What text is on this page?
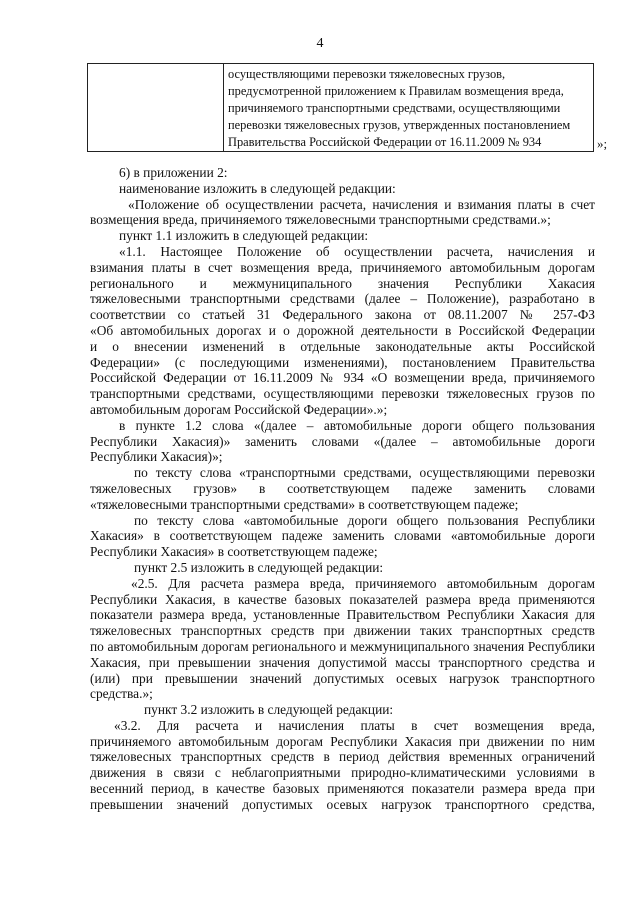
4
осуществляющими перевозки тяжеловесных грузов,
предусмотренной приложением к Правилам возмещения вреда,
причиняемого транспортными средствами, осуществляющими
перевозки тяжеловесных грузов, утвержденных постановлением
Правительства Российской Федерации от 16.11.2009 № 934	»;
6) в приложении 2:
наименование изложить в следующей редакции:
«Положение об осуществлении расчета, начисления и взимания платы в счет
возмещения вреда, причиняемого тяжеловесными транспортными средствами.»;
пункт 1.1 изложить в следующей редакции:
«1.1. Настоящее Положение об осуществлении расчета, начисления и
взимания платы в счет возмещения вреда, причиняемого автомобильным дорогам
регионального и межмуниципального значения Республики Хакасия
тяжеловесными транспортными средствами (далее – Положение), разработано в
соответствии со статьей 31 Федерального закона от 08.11.2007 № 257-ФЗ
«Об автомобильных дорогах и о дорожной деятельности в Российской Федерации
и о внесении изменений в отдельные законодательные акты Российской
Федерации» (с последующими изменениями), постановлением Правительства
Российской Федерации от 16.11.2009 № 934 «О возмещении вреда, причиняемого
транспортными средствами, осуществляющими перевозки тяжеловесных грузов по
автомобильным дорогам Российской Федерации».»;
в пункте 1.2 слова «(далее – автомобильные дороги общего пользования
Республики Хакасия)» заменить словами «(далее – автомобильные дороги
Республики Хакасия)»;
по тексту слова «транспортными средствами, осуществляющими перевозки
тяжеловесных грузов» в соответствующем падеже заменить словами
«тяжеловесными транспортными средствами» в соответствующем падеже;
по тексту слова «автомобильные дороги общего пользования Республики
Хакасия» в соответствующем падеже заменить словами «автомобильные дороги
Республики Хакасия» в соответствующем падеже;
пункт 2.5 изложить в следующей редакции:
«2.5. Для расчета размера вреда, причиняемого автомобильным дорогам
Республики Хакасия, в качестве базовых показателей размера вреда применяются
показатели размера вреда, установленные Правительством Республики Хакасия для
тяжеловесных транспортных средств при движении таких транспортных средств
по автомобильным дорогам регионального и межмуниципального значения Республики
Хакасия, при превышении значения допустимой массы транспортного средства и
(или) при превышении значений допустимых осевых нагрузок транспортного
средства.»;
пункт 3.2 изложить в следующей редакции:
«3.2. Для расчета и начисления платы в счет возмещения вреда,
причиняемого автомобильным дорогам Республики Хакасия при движении по ним
тяжеловесных транспортных средств в период действия временных ограничений
движения в связи с неблагоприятными природно-климатическими условиями в
весенний период, в качестве базовых применяются показатели размера вреда при
превышении значений допустимых осевых нагрузок транспортного средства,
